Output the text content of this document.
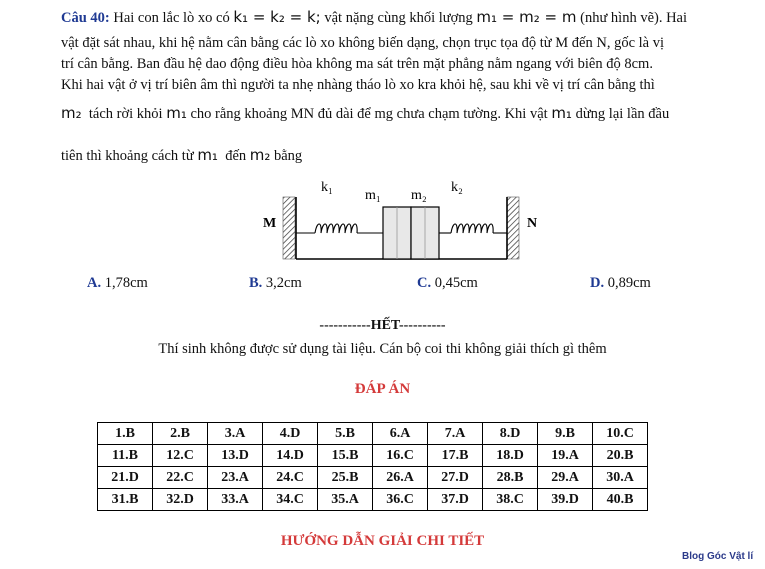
Câu 40: Hai con lắc lò xo có k₁ = k₂ = k; vật nặng cùng khối lượng m₁ = m₂ = m (như hình vẽ). Hai
vật đặt sát nhau, khi hệ nằm cân bằng các lò xo không biến dạng, chọn trục tọa độ từ M đến N, gốc là vị
trí cân bằng. Ban đầu hệ dao động điều hòa không ma sát trên mặt phẳng nằm ngang với biên độ 8cm.
Khi hai vật ở vị trí biên âm thì người ta nhẹ nhàng tháo lò xo kra khỏi hệ, sau khi về vị trí cân bằng thì
m₂ tách rời khỏi m₁ cho rằng khoảng MN đủ dài để mg chưa chạm tường. Khi vật m₁ dừng lại lần đầu
tiên thì khoảng cách từ m₁ đến m₂ bằng
M	N
k₁
m₁ m₂
k₂
A. 1,78cm	B. 3,2cm	C. 0,45cm	D. 0,89cm
-----------HẾT----------
Thí sinh không được sử dụng tài liệu. Cán bộ coi thi không giải thích gì thêm
ĐÁP ÁN
1.B	2.B	3.A	4.D	5.B	6.A	7.A	8.D	9.B	10.C
11.B	12.C	13.D	14.D	15.B	16.C	17.B	18.D	19.A	20.B
21.D	22.C	23.A	24.C	25.B	26.A	27.D	28.B	29.A	30.A
31.B	32.D	33.A	34.C	35.A	36.C	37.D	38.C	39.D	40.B
HƯỚNG DẪN GIẢI CHI TIẾT
Blog Góc Vật lí
